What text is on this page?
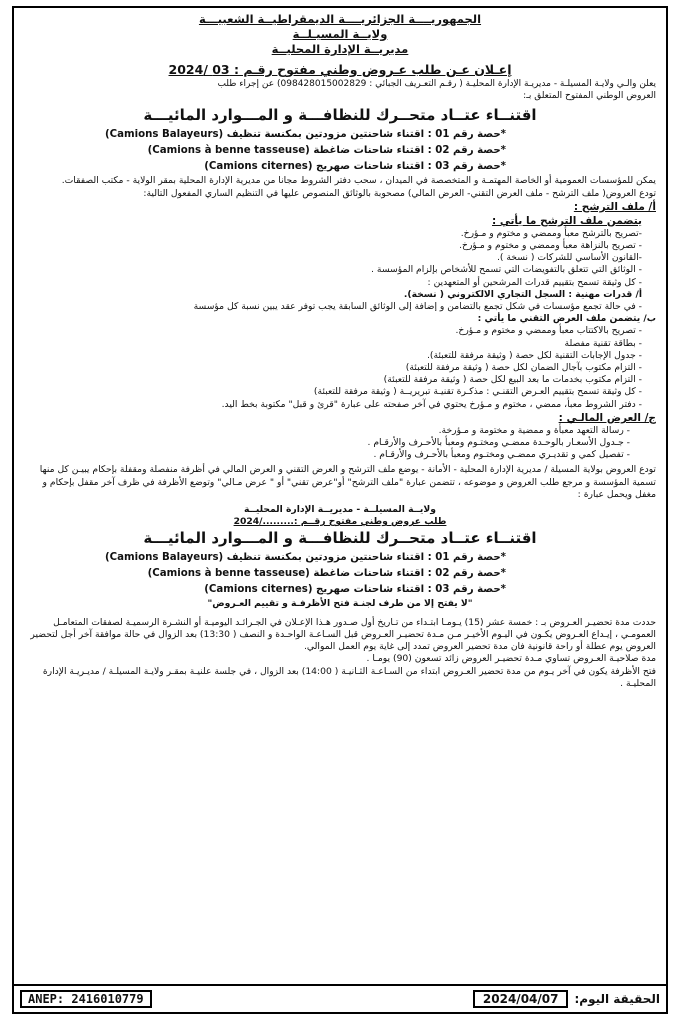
الجمهوريــــة الجزائريــــة الديمقراطيــة الشعبيـــة
ولايــة المسيـلــة
مديريــة الإدارة المحليــة
إعـلان عـن طلب عـروض وطني مفتوح رقـم : 03 /2024

يعلن والـي ولايـة المسيلـة - مديريـة الإدارة المحليـة ( رقـم التعـريف الجبائي : 098428015002829) عن إجراء طلب

العروض الوطني المفتوح المتعلق بـ:

اقتنــاء عتــاد متحــرك للنظافـــة و المـــوارد المائيـــة
*حصة رقم 01 : اقتناء شاحنتين مزودتين بمكنسة تنظيف (Camions Balayeurs)
*حصة رقم 02 : اقتناء شاحنات ضاغطة (Camions à benne tasseuse)
*حصة رقم 03 : اقتناء شاحنات صهريج (Camions citernes)

يمكن للمؤسسات العمومية أو الخاصة المهتمـة و المتخصصة في الميدان ، سحب دفتر الشروط مجانا من مديرية الإدارة المحلية بمقر الولاية - مكتب الصفقات.

تودع العروض( ملف الترشح - ملف العرض التقني- العرض المالي) مصحوبة بالوثائق المنصوص عليها في التنظيم الساري المفعول التالية:

أ/ ملف الترشح :
يتضمن ملف الترشح ما يأتي :

-تصريح بالترشح معبأ وممضي و مختوم و مـؤرخ.

- تصريح بالنزاهة معبأ وممضي و مختوم و مـؤرخ.

-القانون الأساسي للشركات ( نسخة ).

- الوثائق التي تتعلق بالتفويضات التي تسمح للأشخاص بإلزام المؤسسة .

- كل وثيقة تسمح بتقييم قدرات المرشحين أو المتعهدين :

أ/ قدرات مهنية : السجل التجاري الالكتروني ( نسخة).

- في حالة تجمع مؤسسات في شكل تجمع بالتضامن و إضافة إلى الوثائق السابقة يجب توفر عقد يبين نسبة كل مؤسسة

ب/ يتضمن ملف العرض التقني ما يأتي :

- تصريح بالاكتتاب معبأ وممضي و مختوم و مـؤرخ.

- بطاقة تقنية مفصلة

- جدول الإجابات التقنية لكل حصة ( وثيقة مرفقة للتعبئة).

- التزام مكتوب بآجال الضمان لكل حصة ( وثيقة مرفقة للتعبئة)

- التزام مكتوب بخدمات ما بعد البيع لكل حصة ( وثيقة مرفقة للتعبئة)

- كل وثيقة تسمح بتقييم العـرض التقنـي : مذكـرة تقنيـة تبريريــة ( وثيقة مرفقة للتعبئة)

- دفتر الشروط معبأ، ممضي ، مختوم و مـؤرخ يحتوي في آخر صفحته على عبارة "قرئ و قبل" مكتوبة بخط اليد.

ج/ العرض المالـي :

- رسالة التعهد معبأة و ممضية و مختومة و مـؤرخة.

- جـدول الأسعـار بالوحـدة ممضـي ومختـوم ومعبأ بالأحـرف والأرقـام .

- تفصيل كمي و تقديـري ممضـي ومختـوم ومعبأ بالأحـرف والأرقـام .

تودع العروض بولاية المسيلة / مديرية الإدارة المحلية - الأمانة - يوضع ملف الترشح و العرض التقني و العرض المالي في أظرفة منفصلة ومقفلة بإحكام يبيـن كل منها تسمية المؤسسة و مرجع طلب العروض و موضوعه ، تتضمن عبارة "ملف الترشح" أو"عرض تقني" أو " عرض مـالي" وتوضع الأظرفة في ظرف آخر مقفل بإحكام و مغفل ويحمل عبارة :

ولايــة المسيلــة - مديريــة الإدارة المحليــة
طلب عروض وطني مفتوح رقــم :........./2024
اقتنــاء عتــاد متحــرك للنظافـــة و المـــوارد المائيـــة
*حصة رقم 01 : اقتناء شاحنتين مزودتين بمكنسة تنظيف (Camions Balayeurs)
*حصة رقم 02 : اقتناء شاحنات ضاغطة (Camions à benne tasseuse)
*حصة رقم 03 : اقتناء شاحنات صهريج (Camions citernes)
"لا يفتح إلا من طرف لجنـة فتح الأظرفـة و تقييم العـروض"

حددت مدة تحضيـر العـروض بـ : خمسة عشر (15) يـومـا ابتـداء من تـاريخ أول صـدور هـذا الإعـلان في الجـرائـد اليوميـة أو النشـرة الرسميـة لصفقات المتعامـل العمومـي ، إيـداع العـروض يكـون في اليـوم الأخيـر مـن مـدة تحضيـر العـروض قبل السـاعـة الواحـدة و النصف ( 13:30) بعد الزوال في حالة موافقة آخر أجل لتحضير العروض يوم عطلة أو راحة قانونية فان مدة تحضير العروض تمدد إلى غاية يوم العمل الموالي.

مدة صلاحيـة العـروض تساوي مـدة تحضيـر العروض زائد تسعون (90) يومـا .

فتح الأظرفة يكون في آخر يـوم من مدة تحضير العـروض ابتداء من السـاعـة الثـانيـة ( 14:00) بعد الزوال ، في جلسة علنيـة بمقـر ولايـة المسيلـة / مديـريـة الإدارة المحليـة .

ANEP: 2416010779	الحقيقة اليوم:
2024/04/07
